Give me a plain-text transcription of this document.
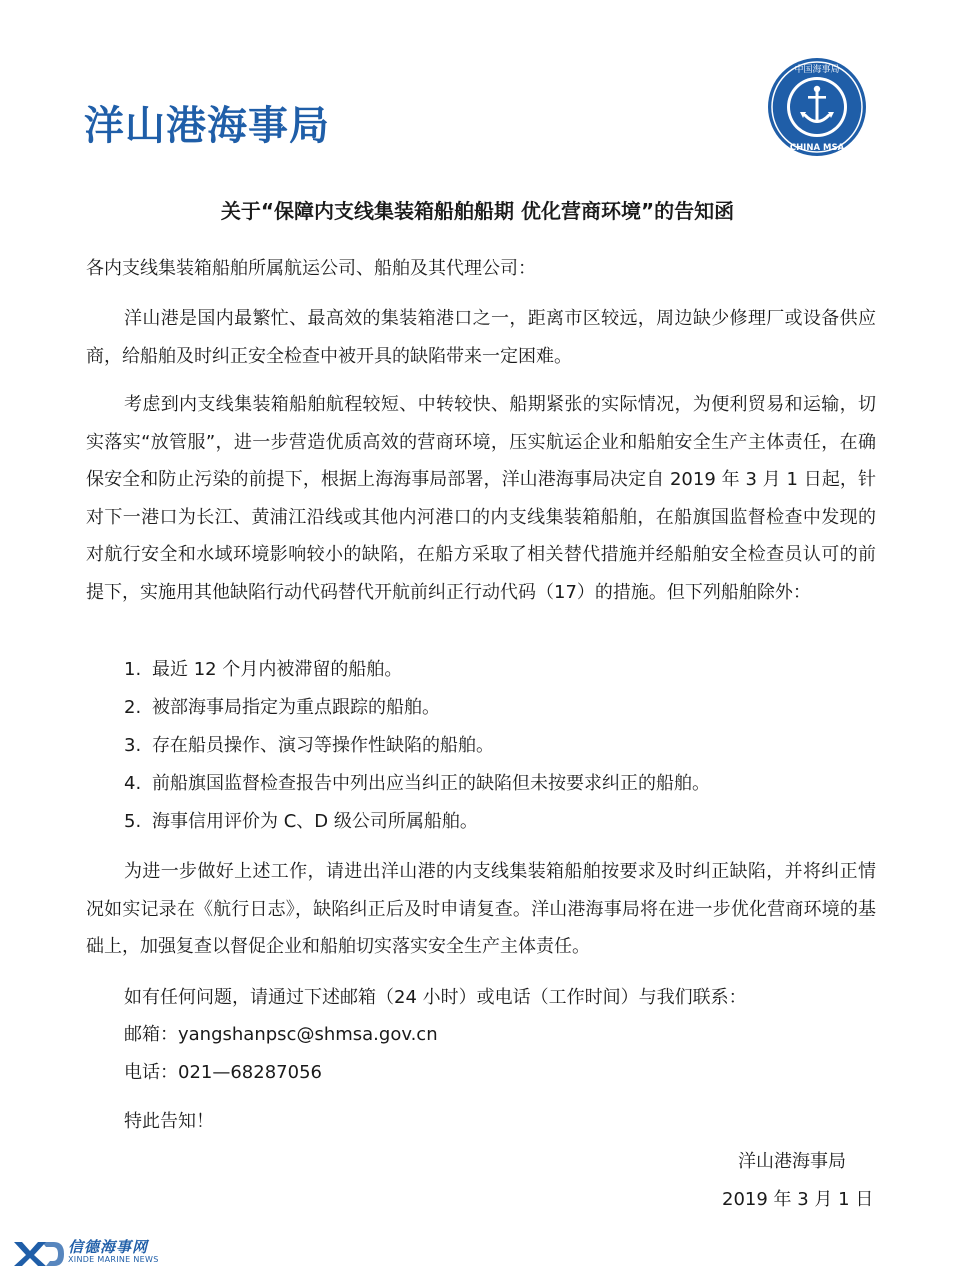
洋山港海事局
中国海事局
CHINA MSA
关于“保障内支线集装箱船舶船期 优化营商环境”的告知函

各内支线集装箱船舶所属航运公司、船舶及其代理公司：

洋山港是国内最繁忙、最高效的集装箱港口之一，距离市区较远，周边缺少修理厂或设备供应商，给船舶及时纠正安全检查中被开具的缺陷带来一定困难。

考虑到内支线集装箱船舶航程较短、中转较快、船期紧张的实际情况，为便利贸易和运输，切实落实“放管服”，进一步营造优质高效的营商环境，压实航运企业和船舶安全生产主体责任，在确保安全和防止污染的前提下，根据上海海事局部署，洋山港海事局决定自 2019 年 3 月 1 日起，针对下一港口为长江、黄浦江沿线或其他内河港口的内支线集装箱船舶，在船旗国监督检查中发现的对航行安全和水域环境影响较小的缺陷，在船方采取了相关替代措施并经船舶安全检查员认可的前提下，实施用其他缺陷行动代码替代开航前纠正行动代码（17）的措施。但下列船舶除外：

1. 最近 12 个月内被滞留的船舶。
2. 被部海事局指定为重点跟踪的船舶。
3. 存在船员操作、演习等操作性缺陷的船舶。
4. 前船旗国监督检查报告中列出应当纠正的缺陷但未按要求纠正的船舶。
5. 海事信用评价为 C、D 级公司所属船舶。

为进一步做好上述工作，请进出洋山港的内支线集装箱船舶按要求及时纠正缺陷，并将纠正情况如实记录在《航行日志》，缺陷纠正后及时申请复查。洋山港海事局将在进一步优化营商环境的基础上，加强复查以督促企业和船舶切实落实安全生产主体责任。

如有任何问题，请通过下述邮箱（24 小时）或电话（工作时间）与我们联系：
邮箱：yangshanpsc@shmsa.gov.cn
电话：021—68287056
特此告知！
洋山港海事局
2019 年 3 月 1 日
信德海事网
XINDE MARINE NEWS
